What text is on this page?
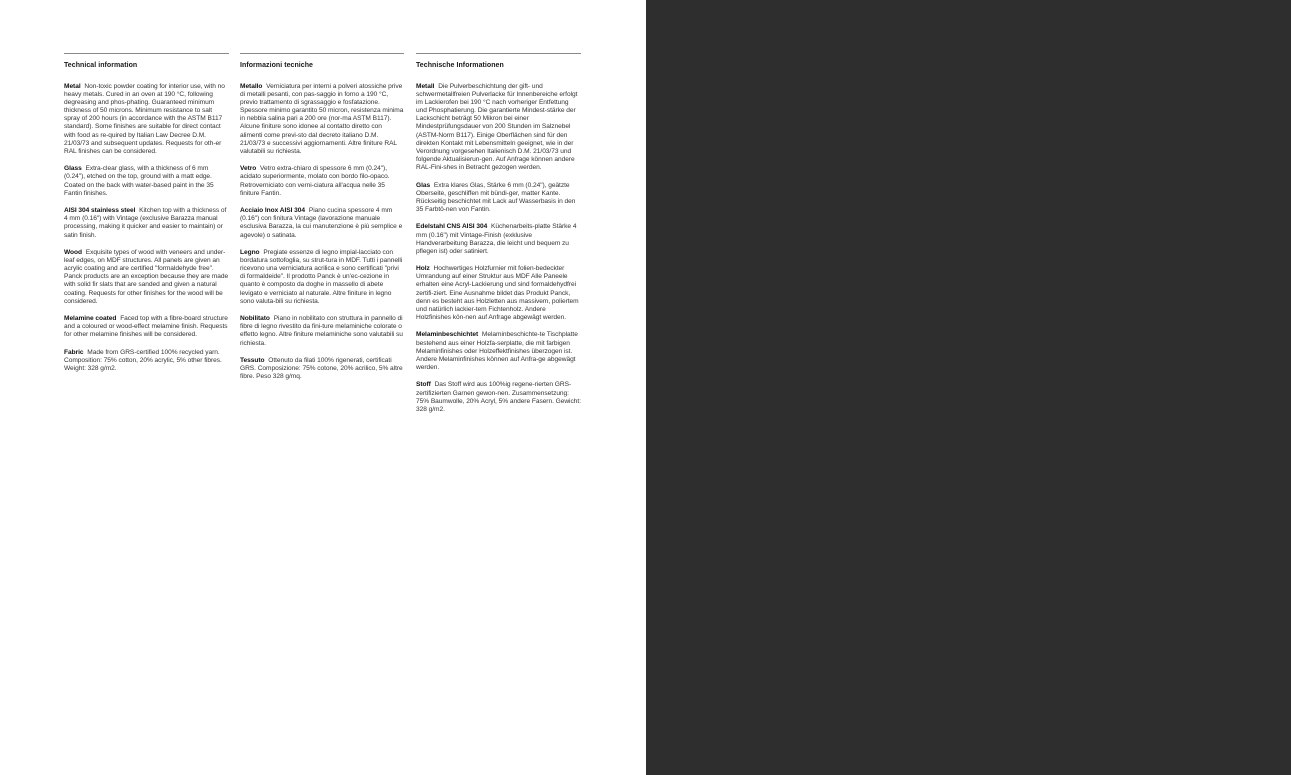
Technical information

Metal Non-toxic powder coating for interior use, with no heavy metals. Cured in an oven at 190 °C, following degreasing and phos-phating. Guaranteed minimum thickness of 50 microns. Minimum resistance to salt spray of 200 hours (in accordance with the ASTM B117 standard). Some finishes are suitable for direct contact with food as re-quired by Italian Law Decree D.M. 21/03/73 and subsequent updates. Requests for oth-er RAL finishes can be considered.

Glass Extra-clear glass, with a thickness of 6 mm (0.24"), etched on the top, ground with a matt edge. Coated on the back with water-based paint in the 35 Fantin finishes.

AISI 304 stainless steel Kitchen top with a thickness of 4 mm (0.16") with Vintage (exclusive Barazza manual processing, making it quicker and easier to maintain) or satin finish.

Wood Exquisite types of wood with veneers and under-leaf edges, on MDF structures. All panels are given an acrylic coating and are certified "formaldehyde free". Panck products are an exception because they are made with solid fir slats that are sanded and given a natural coating. Requests for other finishes for the wood will be considered.

Melamine coated Faced top with a fibre-board structure and a coloured or wood-effect melamine finish. Requests for other melamine finishes will be considered.

Fabric Made from GRS-certified 100% recycled yarn. Composition: 75% cotton, 20% acrylic, 5% other fibres. Weight: 328 g/m2.

Informazioni tecniche

Metallo Verniciatura per interni a polveri atossiche prive di metalli pesanti, con pas-saggio in forno a 190 °C, previo trattamento di sgrassaggio e fosfatazione. Spessore minimo garantito 50 micron, resistenza minima in nebbia salina pari a 200 ore (nor-ma ASTM B117). Alcune finiture sono idonee al contatto diretto con alimenti come previ-sto dal decreto italiano D.M. 21/03/73 e successivi aggiornamenti. Altre finiture RAL valutabili su richiesta.

Vetro Vetro extra-chiaro di spessore 6 mm (0.24"), acidato superiormente, molato con bordo filo-opaco. Retroverniciato con verni-ciatura all'acqua nelle 35 finiture Fantin.

Acciaio Inox AISI 304 Piano cucina spessore 4 mm (0.16") con finitura Vintage (lavorazione manuale esclusiva Barazza, la cui manutenzione è più semplice e agevole) o satinata.

Legno Pregiate essenze di legno impial-lacciato con bordatura sottofoglia, su strut-tura in MDF. Tutti i pannelli ricevono una verniciatura acrilica e sono certificati "privi di formaldeide". Il prodotto Panck è un'ec-cezione in quanto è composto da doghe in massello di abete levigato e verniciato al naturale. Altre finiture in legno sono valuta-bili su richiesta.

Nobilitato Piano in nobilitato con struttura in pannello di fibre di legno rivestito da fini-ture melaminiche colorate o effetto legno. Altre finiture melaminiche sono valutabili su richiesta.

Tessuto Ottenuto da filati 100% rigenerati, certificati GRS. Composizione: 75% cotone, 20% acrilico, 5% altre fibre. Peso 328 g/mq.

Technische Informationen

Metall Die Pulverbeschichtung der gift- und schwermetallfreien Pulverlacke für Innenbereiche erfolgt im Lackierofen bei 190 °C nach vorheriger Entfettung und Phosphatierung. Die garantierte Mindest-stärke der Lackschicht beträgt 50 Mikron bei einer Mindestprüfungsdauer von 200 Stunden im Salznebel (ASTM-Norm B117). Einige Oberflächen sind für den direkten Kontakt mit Lebensmitteln geeignet, wie in der Verordnung vorgesehen Italienisch D.M. 21/03/73 und folgende Aktualisierun-gen. Auf Anfrage können andere RAL-Fini-shes in Betracht gezogen werden.

Glas Extra klares Glas, Stärke 6 mm (0.24"), geätzte Oberseite, geschliffen mit bündi-ger, matter Kante. Rückseitig beschichtet mit Lack auf Wasserbasis in den 35 Farbtö-nen von Fantin.

Edelstahl CNS AISI 304 Küchenarbeits-platte Stärke 4 mm (0.16") mit Vintage-Finish (exklusive Handverarbeitung Barazza, die leicht und bequem zu pflegen ist) oder satiniert.

Holz Hochwertiges Holzfurnier mit folien-bedeckter Umrandung auf einer Struktur aus MDF Alle Paneele erhalten eine Acryl-Lackierung und sind formaldehydfrei zertifi-ziert. Eine Ausnahme bildet das Produkt Panck, denn es besteht aus Holzletten aus massivem, poliertem und natürlich lackier-tem Fichtenholz. Andere Holzfinishes kön-nen auf Anfrage abgewägt werden.

Melaminbeschichtet Melaminbeschichte-te Tischplatte bestehend aus einer Holzfa-serplatte, die mit farbigen Melaminfinishes oder Holzeffektfinishes überzogen ist. Andere Melaminfinishes können auf Anfra-ge abgewägt werden.

Stoff Das Stoff wird aus 100%ig regene-rierten GRS-zertifizierten Garnen gewon-nen. Zusammensetzung: 75% Baumwolle, 20% Acryl, 5% andere Fasern. Gewicht: 328 g/m2.
